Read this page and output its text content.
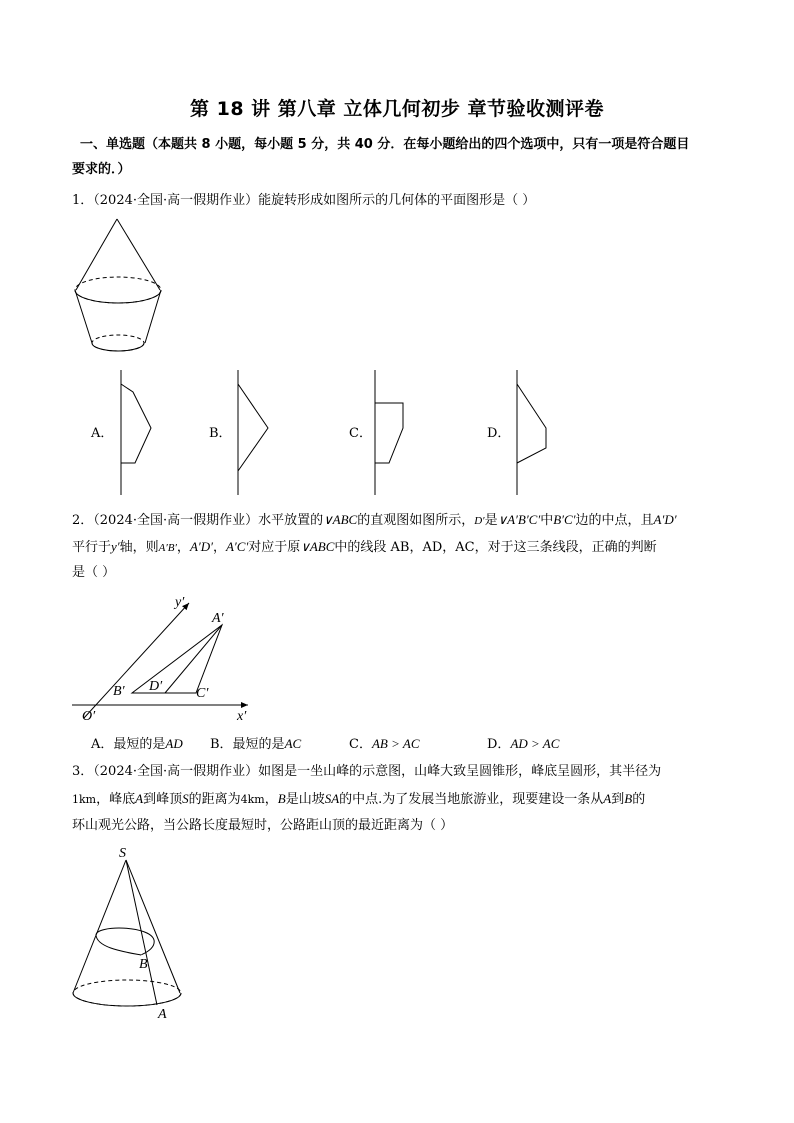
第 18 讲 第八章 立体几何初步 章节验收测评卷
一、单选题（本题共 8 小题，每小题 5 分，共 40 分．在每小题给出的四个选项中，只有一项是符合题目
要求的．）
1．（2024·全国·高一假期作业）能旋转形成如图所示的几何体的平面图形是（ ）
A．	B．	C．	D．
2．（2024·全国·高一假期作业）水平放置的∨ABC的直观图如图所示，D′是∨A′B′C′中B′C′边的中点，且A′D′
平行于y′轴，则A′B′，A′D′，A′C′对应于原∨ABC中的线段 AB，AD，AC，对于这三条线段，正确的判断
是（ ）
y′
A′
B′ D′ C′
O′	x′
A．最短的是AD B．最短的是AC	C．AB > AC	D．AD > AC
3．（2024·全国·高一假期作业）如图是一坐山峰的示意图，山峰大致呈圆锥形，峰底呈圆形，其半径为
1km，峰底A到峰顶S的距离为4km，B是山坡SA的中点.为了发展当地旅游业，现要建设一条从A到B的
环山观光公路，当公路长度最短时，公路距山顶的最近距离为（ ）
S
B
A
